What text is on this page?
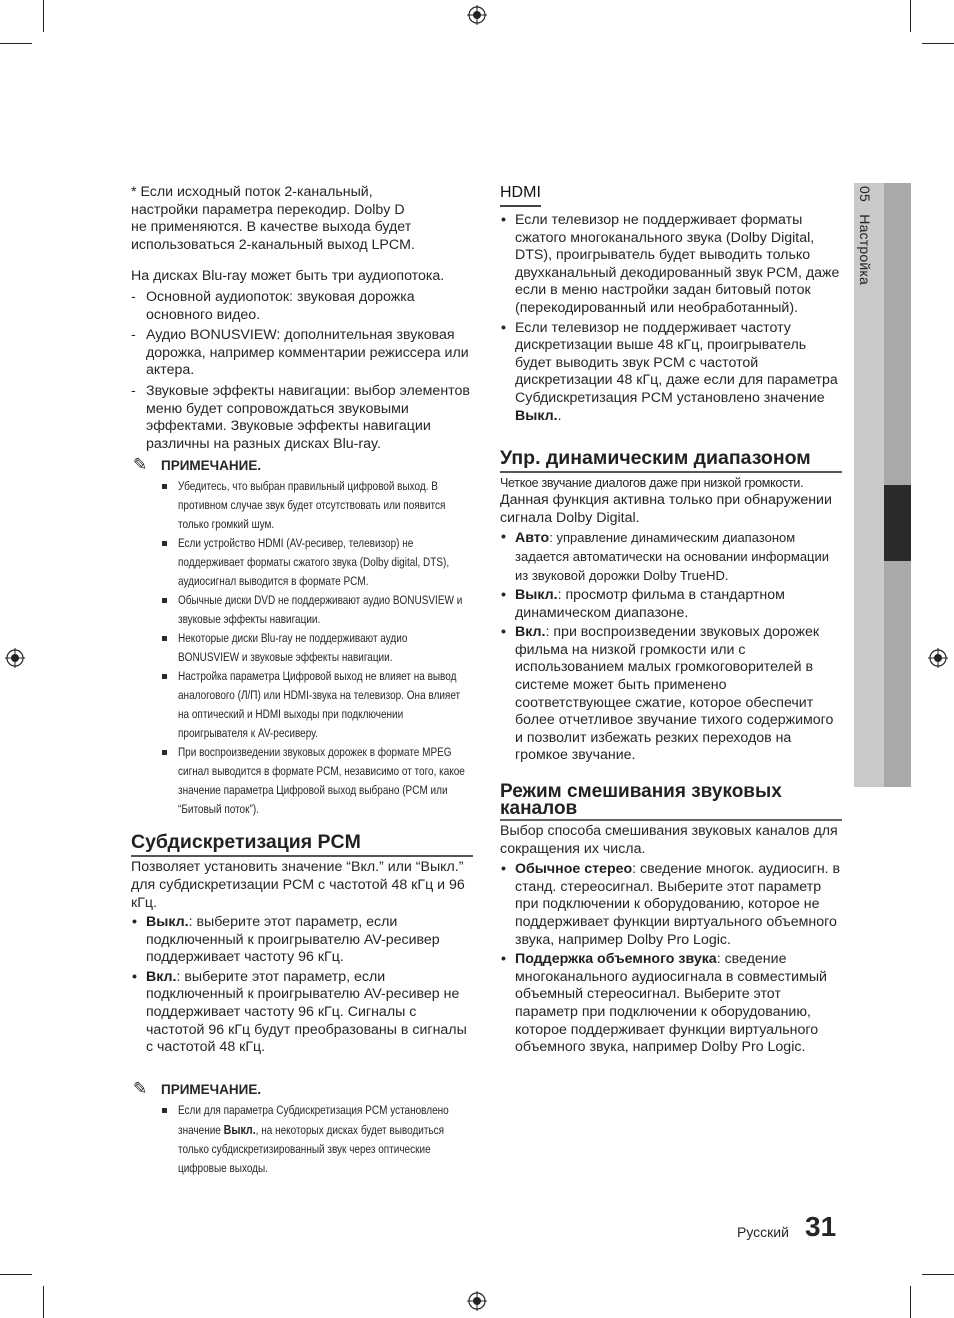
05   Настройка

* Если исходный поток 2-канальный,
настройки параметра перекодир. Dolby D
не применяются. В качестве выхода будет
использоваться 2-канальный выход LPCM.

На дисках Blu-ray может быть три аудиопотока.

- Основной аудиопоток: звуковая дорожка основного видео.
- Аудио BONUSVIEW: дополнительная звуковая дорожка, например комментарии режиссера или актера.
- Звуковые эффекты навигации: выбор элементов меню будет сопровождаться звуковыми эффектами. Звуковые эффекты навигации различны на разных дисках Blu-ray.
✎ ПРИМЕЧАНИЕ.
Убедитесь, что выбран правильный цифровой выход. В противном случае звук будет отсутствовать или появится только громкий шум.
Если устройство HDMI (AV-ресивер, телевизор) не поддерживает форматы сжатого звука (Dolby digital, DTS), аудиосигнал выводится в формате PCM.
Обычные диски DVD не поддерживают аудио BONUSVIEW и звуковые эффекты навигации.
Некоторые диски Blu-ray не поддерживают аудио BONUSVIEW и звуковые эффекты навигации.
Настройка параметра Цифровой выход не влияет на вывод аналогового (Л/П) или HDMI-звука на телевизор. Она влияет на оптический и HDMI выходы при подключении проигрывателя к AV-ресиверу.
При воспроизведении звуковых дорожек в формате MPEG сигнал выводится в формате PCM, независимо от того, какое значение параметра Цифровой выход выбрано (PCM или “Битовый поток”).
Субдискретизация PCM

Позволяет установить значение “Вкл.” или “Выкл.” для субдискретизации PCM с частотой 48 кГц и 96 кГц.

• Выкл.: выберите этот параметр, если подключенный к проигрывателю AV-ресивер поддерживает частоту 96 кГц.
• Вкл.: выберите этот параметр, если подключенный к проигрывателю AV-ресивер не поддерживает частоту 96 кГц. Сигналы с частотой 96 кГц будут преобразованы в сигналы с частотой 48 кГц.
✎ ПРИМЕЧАНИЕ.
Если для параметра Субдискретизация PCM установлено значение Выкл., на некоторых дисках будет выводиться только субдискретизированный звук через оптические цифровые выходы.
HDMI
• Если телевизор не поддерживает форматы сжатого многоканального звука (Dolby Digital, DTS), проигрыватель будет выводить только двухканальный декодированный звук PCM, даже если в меню настройки задан битовый поток (перекодированный или необработанный).
• Если телевизор не поддерживает частоту дискретизации выше 48 кГц, проигрыватель будет выводить звук PCM с частотой дискретизации 48 кГц, даже если для параметра Субдискретизация PCM установлено значение Выкл..
Упр. динамическим диапазоном
Четкое звучание диалогов даже при низкой громкости.

Данная функция активна только при обнаружении сигнала Dolby Digital.

• Авто: управление динамическим диапазоном задается автоматически на основании информации из звуковой дорожки Dolby TrueHD.
• Выкл.: просмотр фильма в стандартном динамическом диапазоне.
• Вкл.: при воспроизведении звуковых дорожек фильма на низкой громкости или с использованием малых громкоговорителей в системе может быть применено соответствующее сжатие, которое обеспечит более отчетливое звучание тихого содержимого и позволит избежать резких переходов на громкое звучание.
Режим смешивания звуковых каналов

Выбор способа смешивания звуковых каналов для сокращения их числа.

• Обычное стерео: сведение многок. аудиосигн. в станд. стереосигнал. Выберите этот параметр при подключении к оборудованию, которое не поддерживает функции виртуального объемного звука, например Dolby Pro Logic.
• Поддержка объемного звука: сведение многоканального аудиосигнала в совместимый объемный стереосигнал. Выберите этот параметр при подключении к оборудованию, которое поддерживает функции виртуального объемного звука, например Dolby Pro Logic.
Русский 31
